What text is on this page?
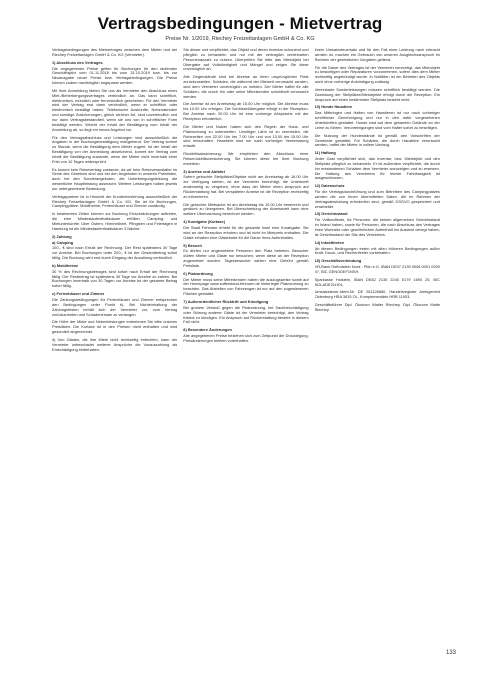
Vertragsbedingungen - Mietvertrag
Preise Nr. 1/2019, Riechey Freizeitanlagen GmbH & Co. KG

Vertragsbedingungen des Mietvertrages zwischen dem Mieter und der Riechey Freizeitanlagen GmbH & Co. KG (Vermieter).

1) Abschluss des Vertrages

Die angegebenen Preise gelten für Buchungen für den laufenden Geschäftsjahr vom 01.11.2018 bis zum 31.10.2019 bzw. bis zur Neuausgabe neuer Preise bzw. Vertragsbedingungen. Die Preise können zudem nachträglich angepasst werden.

Mit Ihrer Anmeldung bieten Sie uns als Vermieter den Abschluss eines Miet-/Beherbergungsvertrages verbindlich an. Das kann schriftlich, elektronisch, mündlich oder fernmündlich geschehen. Für den Vermieter wird der Vertrag erst dann verbindlich, wenn er schriftlich oder elektronisch bestätigt haben. Telefonische Auskünfte, Nebenabreden und sonstige Zusicherungen, gleich welcher Art, sind unverbindlich und nur dann Vertragsbestandteil, wenn sie uns von in schriftlicher Form bestätigt werden. Weicht der Inhalt der Bestätigung vom Inhalt der Anmeldung ab, so liegt ein neues Angebot vor.

Für den Vertragsabschluss und Leistungen sind ausschließlich die Angaben in der Buchungsbestätigung maßgebend. Der Vertrag kommt zu Stande, wenn die Bestätigung dem Mieter zugeht. Ist der Inhalt der Bestätigung von der Anmeldung abweichend, kommt der Vertrag zum Inhalt der Bestätigung zustande, wenn der Mieter nicht innerhalb einer Frist von 10 Tagen widerspricht.

Es kommt kein Reisevertrag zustande, da wir kein Reiseveranstalter im Sinne des Gesetzes sind und bei den Angeboten in unseren Preislisten, auch bei den Sonderangeboten, die Unterbringungsleistung die wesentliche Hauptleistung ausmacht. Weitere Leistungen haben jeweils nur untergeordnete Bedeutung.

Vertragspartner ist in Hinsicht der Kundenbeziehung ausschließlich der Riechey Freizeitanlagen GmbH & Co. KG. Sie ist für Buchungen, Campingplätze, Mobilheime, Ferienhäuser und Zimmer zuständig.

In bestimmten Zeiten können zur Buchung Einschränkungen auftreten, die eine Mindestaufenthaltsdauer erfüllen. Camping- und Mietunterkünfte: Über Ostern, Himmelfahrt, Pfingsten und Feiertagen in Hamburg ist die Mindestaufenthaltsdauer 3 Nächte.

2) Zahlung

a) Camping

100,- € sind nach Erhalt der Rechnung. Der Rest spätestens 30 Tage vor Anreise. Bei Buchungen unter 200,- € ist der Gesamtbetrag sofort fällig. Die Buchung wird erst durch Eingang der Anzahlung verbindlich.

b) Mobilheime

30 % des Rechnungsbetrages sind sofort nach Erhalt der Rechnung fällig. Der Restbetrag ist spätestens 30 Tage vor Anreise zu zahlen. Bei Buchungen innerhalb von 30 Tagen vor Anreise ist der gesamte Betrag sofort fällig.

c) Ferienhäuser und Zimmer

Die Zahlungsbedingungen für Ferienhäuser und Zimmer entsprechen den Bedingungen unter Punkt b). Bei Nichteinhaltung der Zahlungsfristen behält sich der Vermieter vor, vom Vertrag zurückzutreten und Schadenersatz zu verlangen.

Die Höhe der Miete und Nebenleistungen entnehmen Sie bitte unseren Preislisten. Die Kurtaxe ist in den Preisen nicht enthalten und wird gesondert abgerechnet.

d) Von Gästen, die ihre Miete nicht rechtzeitig entrichten, kann der Vermieter unbeschadet weiterer Ansprüche die Vorauszahlung als Entschädigung einbehalten.

Sie dieser und verpflichtet, das Objekt und deren Inventar schonend und pfleglich zu behandeln und nur mit der vertraglich vereinbarten Personenanzahl zu nutzen. Überprüfen Sie bitte das Mietobjekt bei Übergabe auf Vollständigkeit und Mängel und zeigen Sie diese unverzüglich an.

Alle Gegenstände sind bei Abreise an ihren ursprünglichen Platz zurückzustellen. Schäden, die während der Mietzeit verursacht werden, sind dem Vermieter unverzüglich zu melden. Der Mieter haftet für alle Schäden, die durch ihn oder seine Mitreisenden schuldhaft verursacht werden.

Die Anreise ist am Anreisetag ab 15.00 Uhr möglich. Die Abreise muss bis 10.00 Uhr erfolgen. Die Schlüsselübergabe erfolgt in der Rezeption. Bei Anreise nach 20.00 Uhr ist eine vorherige Absprache mit der Rezeption erforderlich.

Die Mieter und Nutzer haben sich den Regeln der Haus- und Platzordnung zu unterwerfen. Unnötiger Lärm ist zu vermeiden, die Ruhezeiten von 22.00 Uhr bis 7.00 Uhr und von 13.00 bis 15.00 Uhr sind einzuhalten. Haustiere sind nur nach vorheriger Vereinbarung erlaubt.

Rücktrittsabsicherung: Wir empfehlen den Abschluss einer Reiserücktrittsversicherung. Sie können diese bei Ihrer Buchung erwerben.

3) Anreise und Abfahrt

Sofern gebuchte Stellplätze/Objekte nicht am Anreisetag ab 16.00 Uhr zur Verfügung stehen, ist der Vermieter berechtigt, die Unterkunft anderweitig zu vergeben, ohne dass der Mieter einen Anspruch auf Rückerstattung hat. Bei verspäteter Anreise ist die Rezeption rechtzeitig zu informieren.

Die gebuchte Mietsache ist am Abreisetag bis 10.00 Uhr besenrein und geräumt zu übergeben. Bei Überschreitung der Abreisezeit kann eine weitere Übernachtung berechnet werden.

4) Kundgabe (Kurtaxe)

Die Stadt Fehmarn erhebt für die gesamte Insel eine Kurabgabe. Sie wird an der Rezeption erhoben und ist nicht im Mietpreis enthalten. Die Gäste erhalten eine Gästekarte für die Dauer ihres Aufenthaltes.

5) Besuch

Es dürfen nur angemeldete Personen den Platz betreten. Besucher dürfen Mieter und Gäste nur besuchen, wenn diese an der Rezeption angemeldet wurden. Tagesbesucher zahlen eine Gebühr gemäß Preisliste.

6) Platzordnung

Der Mieter muss seine Mitreisenden haben die auszugsweise sowie auf der Homepage www.sufferstand-fehmarn.de hinterlegte Platzordnung zu beachten. Das Abstellen von Fahrzeugen ist nur auf den zugewiesenen Flächen gestattet.

7) Außerordentlicher Rücktritt und Kündigung

Bei grobem Verstoß gegen die Platzordnung, bei Sachbeschädigung oder Störung anderer Gäste ist der Vermieter berechtigt, den Vertrag fristlos zu kündigen. Ein Anspruch auf Rückerstattung besteht in diesem Fall nicht.

8) Besondere Änderungen

Alle angegebenen Preise beziehen sich zum Zeitpunkt der Drucklegung. Preisänderungen bleiben vorbehalten.

ihrem Umsatzsteuersatz und für den Fall einer Leistung nach erbracht werden ist, machen ein Gebrauch von unseren Ausgleichsanspruch im Rahmen der gesetzlichen Vorgaben geltend.

Für die Dauer des Vertrages ist der Vermieter berechtigt, das Mietobjekt zu besichtigen oder Reparaturen vorzunehmen, sofern dies dem Mieter rechtzeitig angekündigt wurde. In Notfällen ist ein Betreten des Objekts auch ohne vorherige Ankündigung zulässig.

Vereinbarte Sonderleistungen müssen schriftlich bestätigt werden. Die Zuweisung der Stellplätze/Mietobjekte erfolgt durch die Rezeption. Ein Anspruch auf einen bestimmten Stellplatz besteht nicht.

10) Hunde Haustiere

Das Mitbringen und Halten von Haustieren ist nur nach vorheriger schriftlicher Genehmigung und nur in den dafür vorgesehenen Unterkünften gestattet. Hunde sind auf dem gesamten Gelände an der Leine zu führen. Verunreinigungen sind vom Halter sofort zu beseitigen.

Die Nutzung der Hundestrände ist gemäß den Vorschriften der Gemeinde gestattet. Für Schäden, die durch Haustiere verursacht werden, haftet der Mieter in vollem Umfang.

11) Haftung

Jeder Gast verpflichtet sich, das Inventar, bzw. Mietobjekt und den Stellplatz pfleglich zu behandeln. Er ist außerdem verpflichtet, die durch ihn entstandenen Schäden dem Vermieter anzuzeigen und zu ersetzen. Die Haftung des Vermieters für leichte Fahrlässigkeit ist ausgeschlossen.

12) Datenschutz

Für die Vertragsdurchführung und zum Betreiben des Campingplatzes werden die von Ihnen übermittelten Daten, die im Rahmen der Vertragsabwicklung erforderlich sind, gemäß DSGVO gespeichert und verarbeitet.

13) Gerichtsstand

Für Vollkaufleute, für Personen, die keinen allgemeinen Gerichtsstand im Inland haben, sowie für Personen, die nach Abschluss des Vertrages ihren Wohnsitz oder gewöhnlichen Aufenthalt ins Ausland verlegt haben, ist Gerichtsstand der Sitz des Vermieters.

14) Inkrafttreten

Ab diesen Bedingungen treten mit allen früheren Bedingungen außer Kraft. Druck- und Rechenfehler vorbehalten.

15) Geschäftsverbindung

VR-Bank Ostholstein Nord - Plön e.G. IBAN DE07 2139 0008 0001 0290 47, BIC GENODEF1NSH.

Sparkasse Holstein, IBAN DE82 2135 2240 0179 1690 25, BIC NOLADE21HOL.

Umsatzsteuer-Ident-Nr. DE 261128680, Handelsregister Amtsgericht Oldenburg HRA 3815 OL, Komplementärin HRB 11903.

Geschäftsführer Dipl. Ökonom Walter Riechey, Dipl. Ökonom Malte Riechey.

133
